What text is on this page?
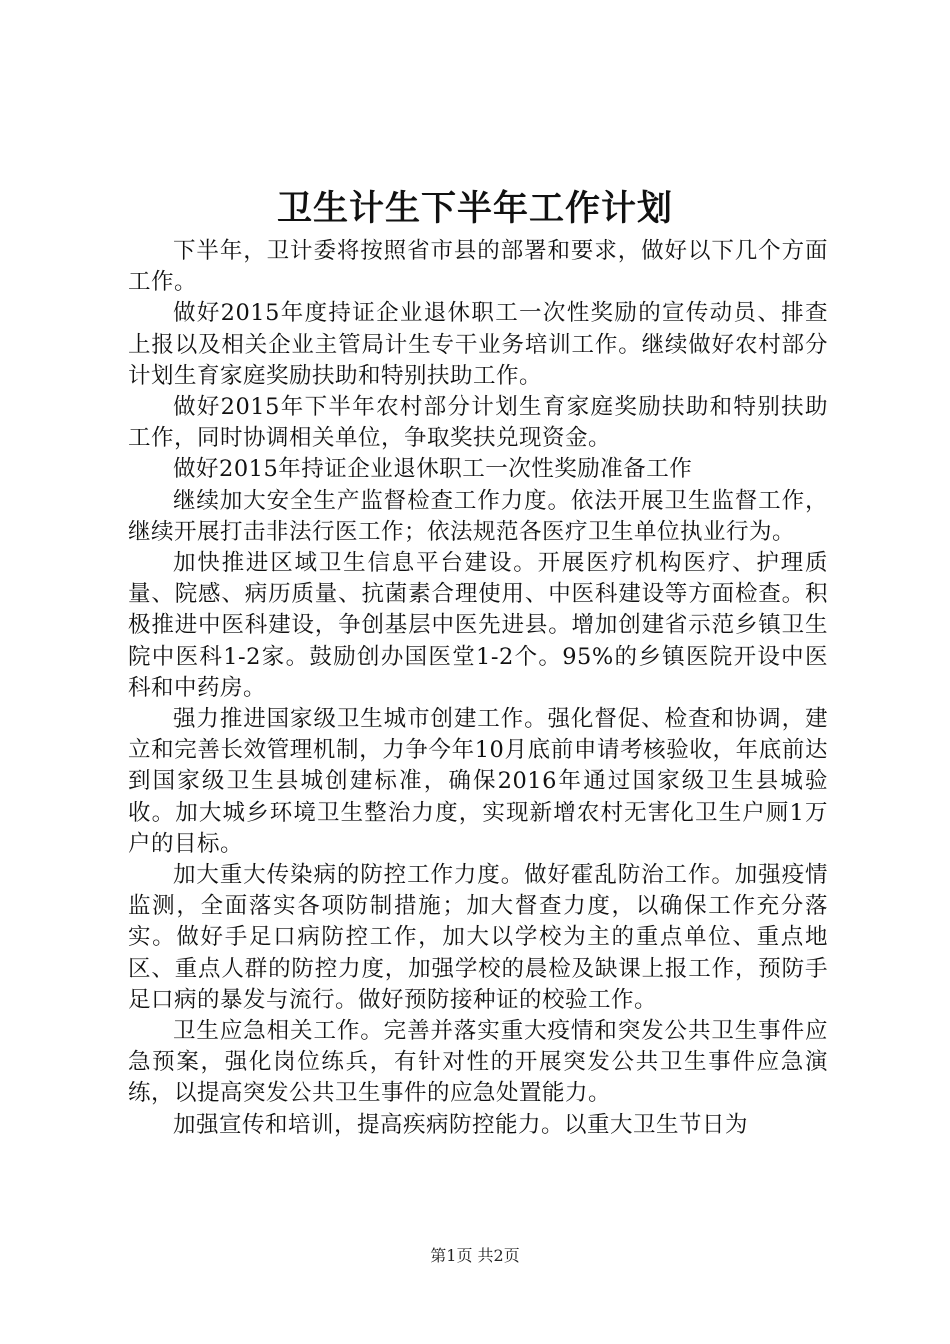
卫生计生下半年工作计划

下半年，卫计委将按照省市县的部署和要求，做好以下几个方面工作。

做好2015年度持证企业退休职工一次性奖励的宣传动员、排查上报以及相关企业主管局计生专干业务培训工作。继续做好农村部分计划生育家庭奖励扶助和特别扶助工作。

做好2015年下半年农村部分计划生育家庭奖励扶助和特别扶助工作，同时协调相关单位，争取奖扶兑现资金。

做好2015年持证企业退休职工一次性奖励准备工作

继续加大安全生产监督检查工作力度。依法开展卫生监督工作，继续开展打击非法行医工作；依法规范各医疗卫生单位执业行为。

加快推进区域卫生信息平台建设。开展医疗机构医疗、护理质量、院感、病历质量、抗菌素合理使用、中医科建设等方面检查。积极推进中医科建设，争创基层中医先进县。增加创建省示范乡镇卫生院中医科1-2家。鼓励创办国医堂1-2个。95%的乡镇医院开设中医科和中药房。

强力推进国家级卫生城市创建工作。强化督促、检查和协调，建立和完善长效管理机制，力争今年10月底前申请考核验收，年底前达到国家级卫生县城创建标准，确保2016年通过国家级卫生县城验收。加大城乡环境卫生整治力度，实现新增农村无害化卫生户厕1万户的目标。

加大重大传染病的防控工作力度。做好霍乱防治工作。加强疫情监测，全面落实各项防制措施；加大督查力度，以确保工作充分落实。做好手足口病防控工作，加大以学校为主的重点单位、重点地区、重点人群的防控力度，加强学校的晨检及缺课上报工作，预防手足口病的暴发与流行。做好预防接种证的校验工作。

卫生应急相关工作。完善并落实重大疫情和突发公共卫生事件应急预案，强化岗位练兵，有针对性的开展突发公共卫生事件应急演练，以提高突发公共卫生事件的应急处置能力。

加强宣传和培训，提高疾病防控能力。以重大卫生节日为

第1页 共2页
